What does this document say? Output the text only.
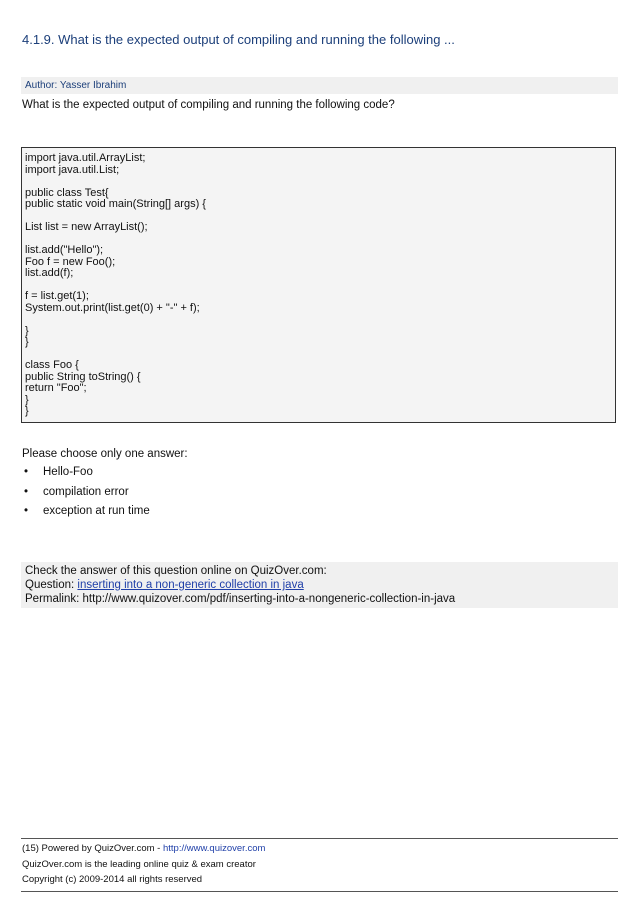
4.1.9. What is the expected output of compiling and running the following ...
Author: Yasser Ibrahim
What is the expected output of compiling and running the following code?
import java.util.ArrayList;
import java.util.List;

public class Test{
public static void main(String[] args) {

List list = new ArrayList();

list.add("Hello");
Foo f = new Foo();
list.add(f);

f = list.get(1);
System.out.print(list.get(0) + "-" + f);

}
}

class Foo {
public String toString() {
return "Foo";
}
}
Please choose only one answer:
• Hello-Foo
• compilation error
• exception at run time
Check the answer of this question online on QuizOver.com:
Question: inserting into a non-generic collection in java
Permalink: http://www.quizover.com/pdf/inserting-into-a-nongeneric-collection-in-java
(15) Powered by QuizOver.com - http://www.quizover.com
QuizOver.com is the leading online quiz & exam creator
Copyright (c) 2009-2014 all rights reserved
